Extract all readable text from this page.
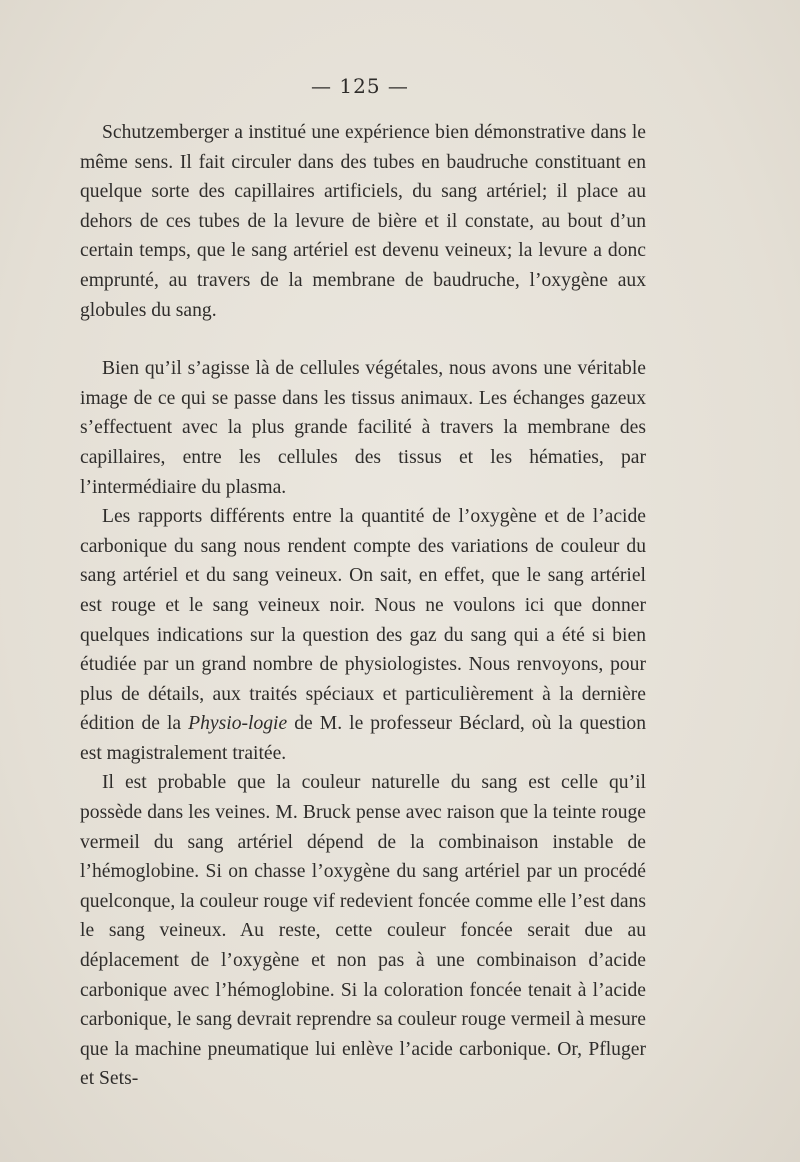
— 125 —

Schutzemberger a institué une expérience bien démonstrative dans le même sens. Il fait circuler dans des tubes en baudruche constituant en quelque sorte des capillaires artificiels, du sang artériel; il place au dehors de ces tubes de la levure de bière et il constate, au bout d’un certain temps, que le sang artériel est devenu veineux; la levure a donc emprunté, au travers de la membrane de baudruche, l’oxygène aux globules du sang.

Bien qu’il s’agisse là de cellules végétales, nous avons une véritable image de ce qui se passe dans les tissus animaux. Les échanges gazeux s’effectuent avec la plus grande facilité à travers la membrane des capillaires, entre les cellules des tissus et les hématies, par l’intermédiaire du plasma.

Les rapports différents entre la quantité de l’oxygène et de l’acide carbonique du sang nous rendent compte des variations de couleur du sang artériel et du sang veineux. On sait, en effet, que le sang artériel est rouge et le sang veineux noir. Nous ne voulons ici que donner quelques indications sur la question des gaz du sang qui a été si bien étudiée par un grand nombre de physiologistes. Nous renvoyons, pour plus de détails, aux traités spéciaux et particulièrement à la dernière édition de la Physio-logie de M. le professeur Béclard, où la question est magistralement traitée.

Il est probable que la couleur naturelle du sang est celle qu’il possède dans les veines. M. Bruck pense avec raison que la teinte rouge vermeil du sang artériel dépend de la combinaison instable de l’hémoglobine. Si on chasse l’oxygène du sang artériel par un procédé quelconque, la couleur rouge vif redevient foncée comme elle l’est dans le sang veineux. Au reste, cette couleur foncée serait due au déplacement de l’oxygène et non pas à une combinaison d’acide carbonique avec l’hémoglobine. Si la coloration foncée tenait à l’acide carbonique, le sang devrait reprendre sa couleur rouge vermeil à mesure que la machine pneumatique lui enlève l’acide carbonique. Or, Pfluger et Sets-
